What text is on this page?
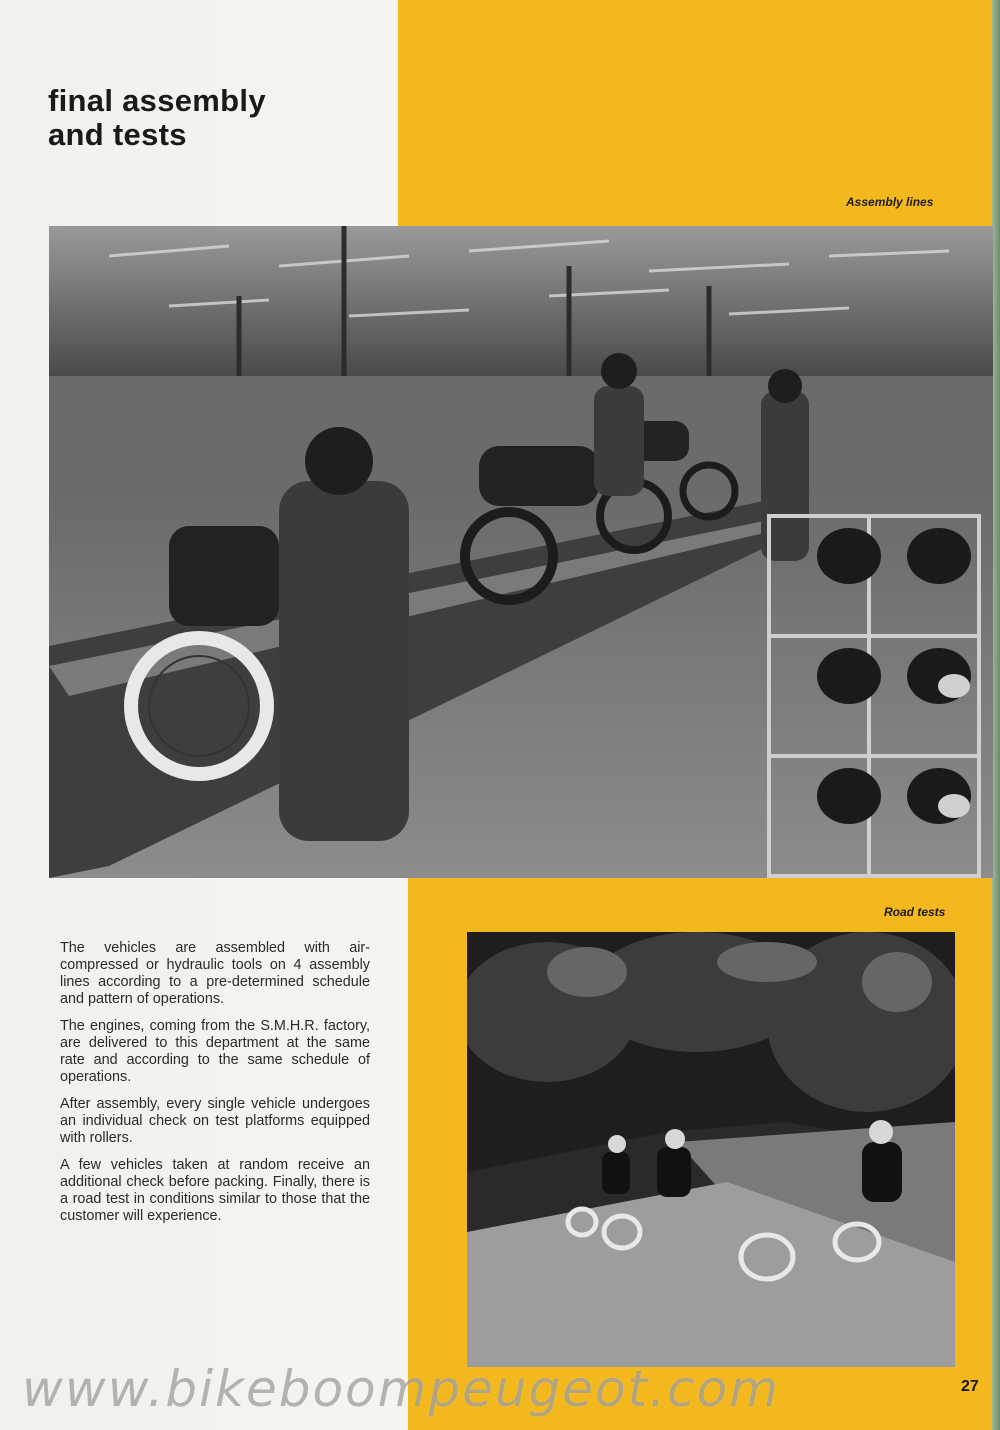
final assembly
and tests
Assembly lines
Road tests

The vehicles are assembled with air-compressed or hydraulic tools on 4 assembly lines according to a pre-determined schedule and pattern of operations.

The engines, coming from the S.M.H.R. factory, are delivered to this department at the same rate and according to the same schedule of operations.

After assembly, every single vehicle undergoes an individual check on test platforms equipped with rollers.

A few vehicles taken at random receive an additional check before packing. Finally, there is a road test in conditions similar to those that the customer will experience.

www.bikeboompeugeot.com	27
